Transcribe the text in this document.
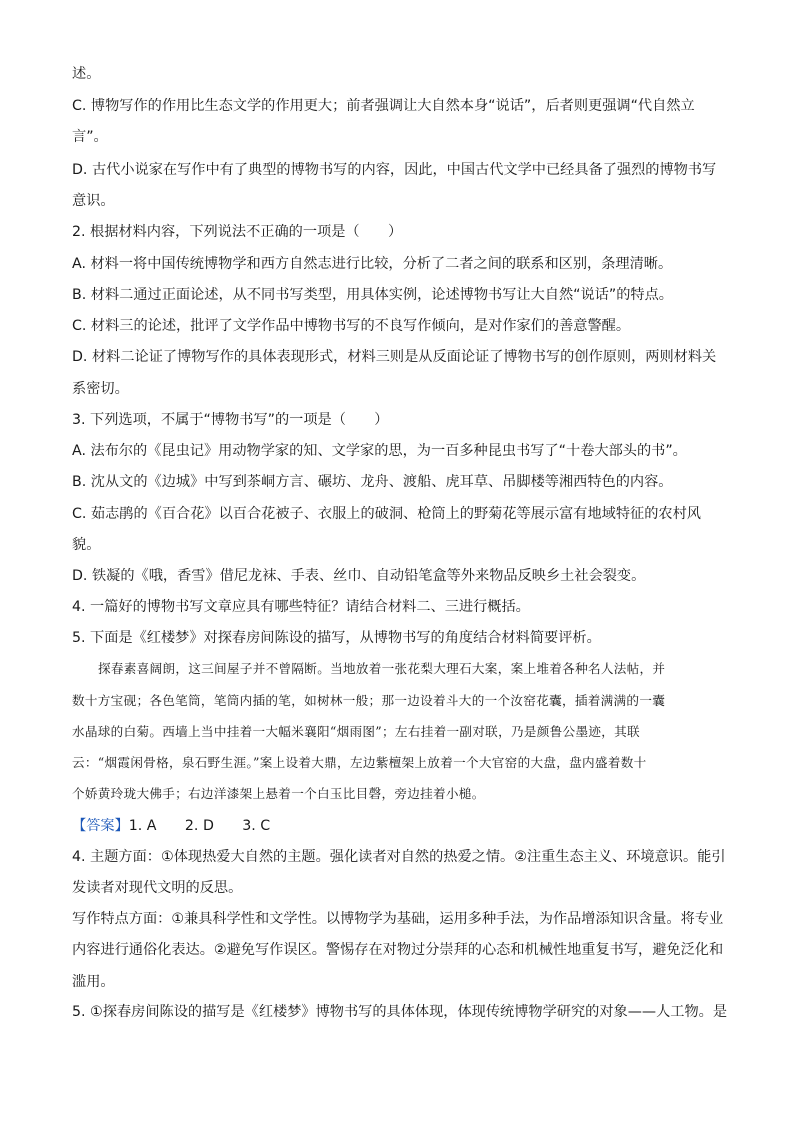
述。
C. 博物写作的作用比生态文学的作用更大；前者强调让大自然本身“说话”，后者则更强调“代自然立
言”。
D. 古代小说家在写作中有了典型的博物书写的内容，因此，中国古代文学中已经具备了强烈的博物书写
意识。
2. 根据材料内容，下列说法不正确的一项是（　　）
A. 材料一将中国传统博物学和西方自然志进行比较，分析了二者之间的联系和区别，条理清晰。
B. 材料二通过正面论述，从不同书写类型，用具体实例，论述博物书写让大自然“说话”的特点。
C. 材料三的论述，批评了文学作品中博物书写的不良写作倾向，是对作家们的善意警醒。
D. 材料二论证了博物写作的具体表现形式，材料三则是从反面论证了博物书写的创作原则，两则材料关
系密切。
3. 下列选项，不属于“博物书写”的一项是（　　）
A. 法布尔的《昆虫记》用动物学家的知、文学家的思，为一百多种昆虫书写了“十卷大部头的书”。
B. 沈从文的《边城》中写到茶峒方言、碾坊、龙舟、渡船、虎耳草、吊脚楼等湘西特色的内容。
C. 茹志鹃的《百合花》以百合花被子、衣服上的破洞、枪筒上的野菊花等展示富有地域特征的农村风
貌。
D. 铁凝的《哦，香雪》借尼龙袜、手表、丝巾、自动铅笔盒等外来物品反映乡土社会裂变。
4. 一篇好的博物书写文章应具有哪些特征？请结合材料二、三进行概括。
5. 下面是《红楼梦》对探春房间陈设的描写，从博物书写的角度结合材料简要评析。
探春素喜阔朗，这三间屋子并不曾隔断。当地放着一张花梨大理石大案，案上堆着各种名人法帖，并
数十方宝砚；各色笔筒，笔筒内插的笔，如树林一般；那一边设着斗大的一个汝窑花囊，插着满满的一囊
水晶球的白菊。西墙上当中挂着一大幅米襄阳“烟雨图”；左右挂着一副对联，乃是颜鲁公墨迹，其联
云：“烟霞闲骨格，泉石野生涯。”案上设着大鼎，左边紫檀架上放着一个大官窑的大盘，盘内盛着数十
个娇黄玲珑大佛手；右边洋漆架上悬着一个白玉比目磬，旁边挂着小槌。
【答案】1. A　　2. D　　3. C
4. 主题方面：①体现热爱大自然的主题。强化读者对自然的热爱之情。②注重生态主义、环境意识。能引
发读者对现代文明的反思。
写作特点方面：①兼具科学性和文学性。以博物学为基础，运用多种手法，为作品增添知识含量。将专业
内容进行通俗化表达。②避免写作误区。警惕存在对物过分崇拜的心态和机械性地重复书写，避免泛化和
滥用。
5. ①探春房间陈设的描写是《红楼梦》博物书写的具体体现，体现传统博物学研究的对象——人工物。是
